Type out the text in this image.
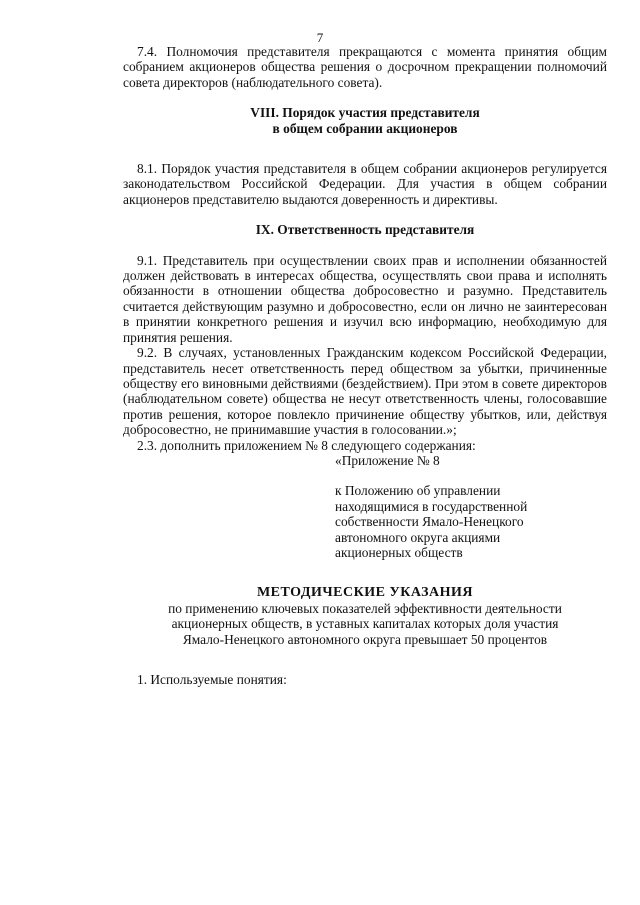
7

7.4. Полномочия представителя прекращаются с момента принятия общим собранием акционеров общества решения о досрочном прекращении полномочий совета директоров (наблюдательного совета).

VIII. Порядок участия представителя
в общем собрании акционеров

8.1. Порядок участия представителя в общем собрании акционеров регулируется законодательством Российской Федерации. Для участия в общем собрании акционеров представителю выдаются доверенность и директивы.

IX. Ответственность представителя

9.1. Представитель при осуществлении своих прав и исполнении обязанностей должен действовать в интересах общества, осуществлять свои права и исполнять обязанности в отношении общества добросовестно и разумно. Представитель считается действующим разумно и добросовестно, если он лично не заинтересован в принятии конкретного решения и изучил всю информацию, необходимую для принятия решения.

9.2. В случаях, установленных Гражданским кодексом Российской Федерации, представитель несет ответственность перед обществом за убытки, причиненные обществу его виновными действиями (бездействием). При этом в совете директоров (наблюдательном совете) общества не несут ответственность члены, голосовавшие против решения, которое повлекло причинение обществу убытков, или, действуя добросовестно, не принимавшие участия в голосовании.»;

2.3. дополнить приложением № 8 следующего содержания:

«Приложение № 8
к Положению об управлении
находящимися в государственной
собственности Ямало-Ненецкого
автономного округа акциями
акционерных обществ
МЕТОДИЧЕСКИЕ УКАЗАНИЯ
по применению ключевых показателей эффективности деятельности
акционерных обществ, в уставных капиталах которых доля участия
Ямало-Ненецкого автономного округа превышает 50 процентов

1. Используемые понятия:
